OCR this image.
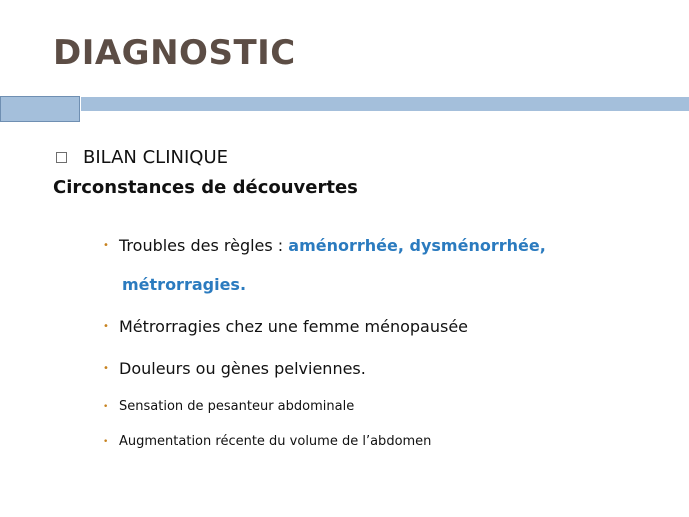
DIAGNOSTIC
BILAN CLINIQUE
Circonstances de découvertes
• Troubles des règles : aménorrhée, dysménorrhée,
métrorragies.
• Métrorragies chez une femme ménopausée
• Douleurs ou gènes pelviennes.
• Sensation de pesanteur abdominale
• Augmentation récente du volume de l’abdomen
